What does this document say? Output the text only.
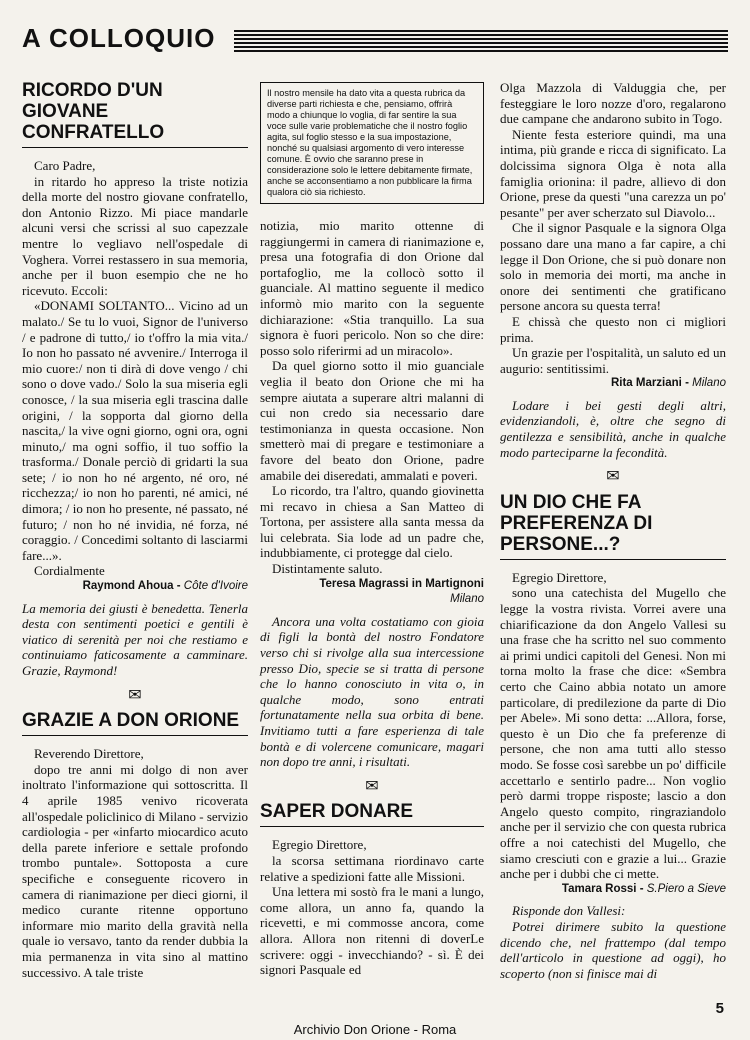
A COLLOQUIO
RICORDO D'UN GIOVANE CONFRATELLO

Caro Padre,

in ritardo ho appreso la triste notizia della morte del nostro giovane confratello, don Antonio Rizzo. Mi piace mandarle alcuni versi che scrissi al suo capezzale mentre lo vegliavo nell'ospedale di Voghera. Vorrei restassero in sua memoria, anche per il buon esempio che ne ho ricevuto. Eccoli:

«DONAMI SOLTANTO... Vicino ad un malato./ Se tu lo vuoi, Signor de l'universo / e padrone di tutto,/ io t'offro la mia vita./ Io non ho passato né avvenire./ Interroga il mio cuore:/ non ti dirà di dove vengo / chi sono o dove vado./ Solo la sua miseria egli conosce, / la sua miseria egli trascina dalle origini, / la sopporta dal giorno della nascita,/ la vive ogni giorno, ogni ora, ogni minuto,/ ma ogni soffio, il tuo soffio la trasforma./ Donale perciò di gridarti la sua sete; / io non ho né argento, né oro, né ricchezza;/ io non ho parenti, né amici, né dimora; / io non ho presente, né passato, né futuro; / non ho né invidia, né forza, né coraggio. / Concedimi soltanto di lasciarmi fare...».

Cordialmente

Raymond Ahoua - Côte d'Ivoire

La memoria dei giusti è benedetta. Tenerla desta con sentimenti poetici e gentili è viatico di serenità per noi che restiamo e continuiamo faticosamente a camminare. Grazie, Raymond!

✉
GRAZIE A DON ORIONE

Reverendo Direttore,

dopo tre anni mi dolgo di non aver inoltrato l'informazione qui sottoscritta. Il 4 aprile 1985 venivo ricoverata all'ospedale policlinico di Milano - servizio cardiologia - per «infarto miocardico acuto della parete inferiore e settale profondo trombo puntale». Sottoposta a cure specifiche e conseguente ricovero in camera di rianimazione per dieci giorni, il medico curante ritenne opportuno informare mio marito della gravità nella quale io versavo, tanto da render dubbia la mia permanenza in vita sino al mattino successivo. A tale triste

Il nostro mensile ha dato vita a questa rubrica da diverse parti richiesta e che, pensiamo, offrirà modo a chiunque lo voglia, di far sentire la sua voce sulle varie problematiche che il nostro foglio agita, sul foglio stesso e la sua impostazione, nonché su qualsiasi argomento di vero interesse comune. È ovvio che saranno prese in considerazione solo le lettere debitamente firmate, anche se acconsentiamo a non pubblicare la firma qualora ciò sia richiesto.

notizia, mio marito ottenne di raggiungermi in camera di rianimazione e, presa una fotografia di don Orione dal portafoglio, me la collocò sotto il guanciale. Al mattino seguente il medico informò mio marito con la seguente dichiarazione: «Stia tranquillo. La sua signora è fuori pericolo. Non so che dire: posso solo riferirmi ad un miracolo».

Da quel giorno sotto il mio guanciale veglia il beato don Orione che mi ha sempre aiutata a superare altri malanni di cui non credo sia necessario dare testimonianza in questa occasione. Non smetterò mai di pregare e testimoniare a favore del beato don Orione, padre amabile dei diseredati, ammalati e poveri.

Lo ricordo, tra l'altro, quando giovinetta mi recavo in chiesa a San Matteo di Tortona, per assistere alla santa messa da lui celebrata. Sia lode ad un padre che, indubbiamente, ci protegge dal cielo.

Distintamente saluto.

Teresa Magrassi in Martignoni
Milano

Ancora una volta costatiamo con gioia di figli la bontà del nostro Fondatore verso chi si rivolge alla sua intercessione presso Dio, specie se si tratta di persone che lo hanno conosciuto in vita o, in qualche modo, sono entrati fortunatamente nella sua orbita di bene. Invitiamo tutti a fare esperienza di tale bontà e di volercene comunicare, magari non dopo tre anni, i risultati.

✉
SAPER DONARE

Egregio Direttore,

la scorsa settimana riordinavo carte relative a spedizioni fatte alle Missioni.

Una lettera mi sostò fra le mani a lungo, come allora, un anno fa, quando la ricevetti, e mi commosse ancora, come allora. Allora non ritenni di doverLe scrivere: oggi - invecchiando? - sì. È dei signori Pasquale ed

Olga Mazzola di Valduggia che, per festeggiare le loro nozze d'oro, regalarono due campane che andarono subito in Togo.

Niente festa esteriore quindi, ma una intima, più grande e ricca di significato. La dolcissima signora Olga è nota alla famiglia orionina: il padre, allievo di don Orione, prese da questi "una carezza un po' pesante" per aver scherzato sul Diavolo...

Che il signor Pasquale e la signora Olga possano dare una mano a far capire, a chi legge il Don Orione, che si può donare non solo in memoria dei morti, ma anche in onore dei sentimenti che gratificano persone ancora su questa terra!

E chissà che questo non ci migliori prima.

Un grazie per l'ospitalità, un saluto ed un augurio: sentitissimi.

Rita Marziani - Milano

Lodare i bei gesti degli altri, evidenziandoli, è, oltre che segno di gentilezza e sensibilità, anche in qualche modo parteciparne la fecondità.

✉
UN DIO CHE FA PREFERENZA DI PERSONE...?

Egregio Direttore,

sono una catechista del Mugello che legge la vostra rivista. Vorrei avere una chiarificazione da don Angelo Vallesi su una frase che ha scritto nel suo commento ai primi undici capitoli del Genesi. Non mi torna molto la frase che dice: «Sembra certo che Caino abbia notato un amore particolare, di predilezione da parte di Dio per Abele». Mi sono detta: ...Allora, forse, questo è un Dio che fa preferenze di persone, che non ama tutti allo stesso modo. Se fosse così sarebbe un po' difficile accettarlo e sentirlo padre... Non voglio però darmi troppe risposte; lascio a don Angelo questo compito, ringraziandolo anche per il servizio che con questa rubrica offre a noi catechisti del Mugello, che siamo cresciuti con e grazie a lui... Grazie anche per i dubbi che ci mette.

Tamara Rossi - S.Piero a Sieve

Risponde don Vallesi:

Potrei dirimere subito la questione dicendo che, nel frattempo (dal tempo dell'articolo in questione ad oggi), ho scoperto (non si finisce mai di

5
Archivio Don Orione - Roma
